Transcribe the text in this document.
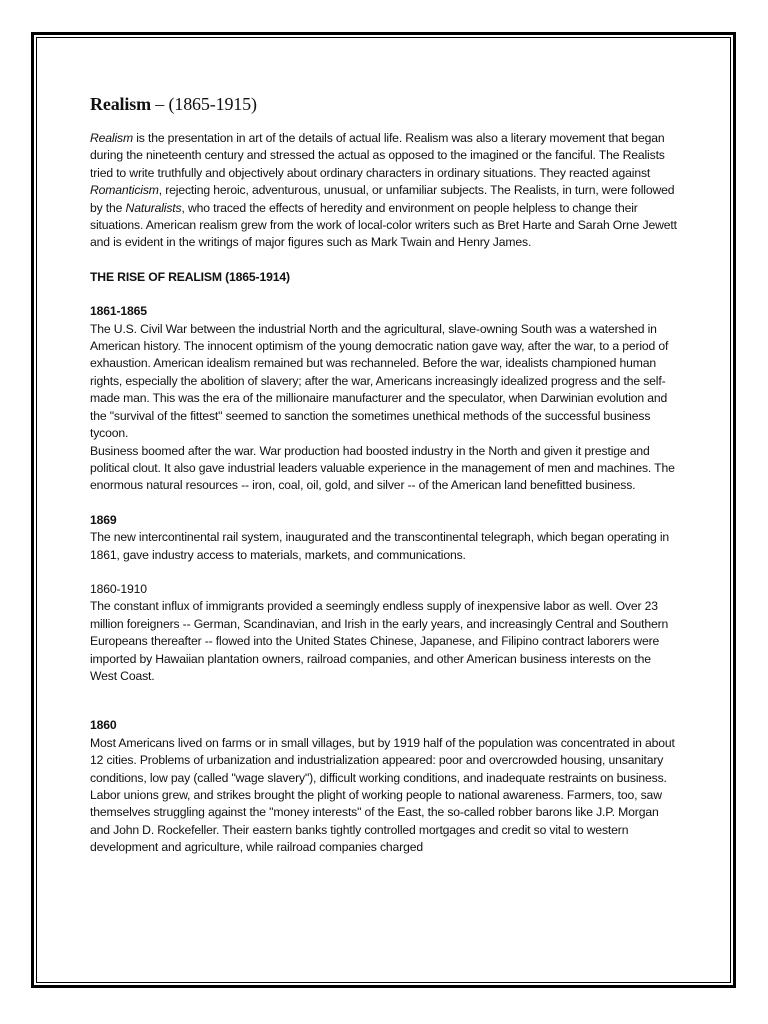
Realism – (1865-1915)

Realism is the presentation in art of the details of actual life. Realism was also a literary movement that began during the nineteenth century and stressed the actual as opposed to the imagined or the fanciful. The Realists tried to write truthfully and objectively about ordinary characters in ordinary situations. They reacted against Romanticism, rejecting heroic, adventurous, unusual, or unfamiliar subjects. The Realists, in turn, were followed by the Naturalists, who traced the effects of heredity and environment on people helpless to change their situations. American realism grew from the work of local-color writers such as Bret Harte and Sarah Orne Jewett and is evident in the writings of major figures such as Mark Twain and Henry James.

THE RISE OF REALISM (1865-1914)

1861-1865

The U.S. Civil War between the industrial North and the agricultural, slave-owning South was a watershed in American history. The innocent optimism of the young democratic nation gave way, after the war, to a period of exhaustion. American idealism remained but was rechanneled. Before the war, idealists championed human rights, especially the abolition of slavery; after the war, Americans increasingly idealized progress and the self-made man. This was the era of the millionaire manufacturer and the speculator, when Darwinian evolution and the "survival of the fittest" seemed to sanction the sometimes unethical methods of the successful business tycoon.

Business boomed after the war. War production had boosted industry in the North and given it prestige and political clout. It also gave industrial leaders valuable experience in the management of men and machines. The enormous natural resources -- iron, coal, oil, gold, and silver -- of the American land benefitted business.

1869

The new intercontinental rail system, inaugurated and the transcontinental telegraph, which began operating in 1861, gave industry access to materials, markets, and communications.

1860-1910

The constant influx of immigrants provided a seemingly endless supply of inexpensive labor as well. Over 23 million foreigners -- German, Scandinavian, and Irish in the early years, and increasingly Central and Southern Europeans thereafter -- flowed into the United States Chinese, Japanese, and Filipino contract laborers were imported by Hawaiian plantation owners, railroad companies, and other American business interests on the West Coast.

1860

Most Americans lived on farms or in small villages, but by 1919 half of the population was concentrated in about 12 cities. Problems of urbanization and industrialization appeared: poor and overcrowded housing, unsanitary conditions, low pay (called "wage slavery"), difficult working conditions, and inadequate restraints on business. Labor unions grew, and strikes brought the plight of working people to national awareness. Farmers, too, saw themselves struggling against the "money interests" of the East, the so-called robber barons like J.P. Morgan and John D. Rockefeller. Their eastern banks tightly controlled mortgages and credit so vital to western development and agriculture, while railroad companies charged
